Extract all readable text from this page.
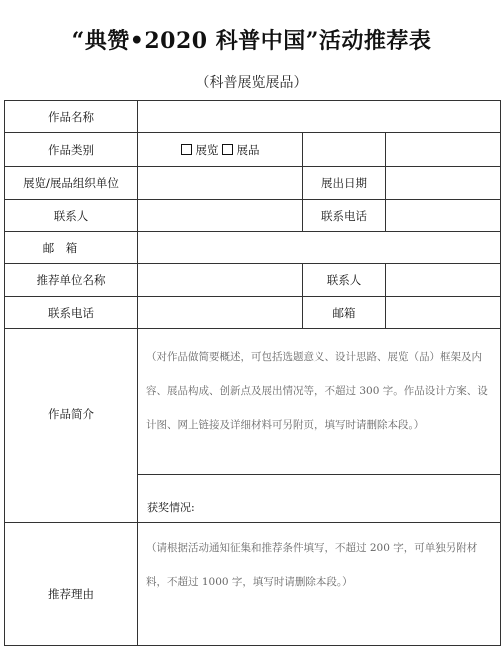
“典赞•2020 科普中国”活动推荐表
（科普展览展品）
作品名称
作品类别	展览 展品
展览/展品组织单位	展出日期
联系人	联系电话
邮　箱
推荐单位名称	联系人
联系电话	邮箱
作品简介
（对作品做简要概述，可包括选题意义、设计思路、展览（品）框架及内容、展品构成、创新点及展出情况等，不超过 300 字。作品设计方案、设计图、网上链接及详细材料可另附页，填写时请删除本段。）
获奖情况:
推荐理由
（请根据活动通知征集和推荐条件填写，不超过 200 字，可单独另附材料，不超过 1000 字，填写时请删除本段。）
